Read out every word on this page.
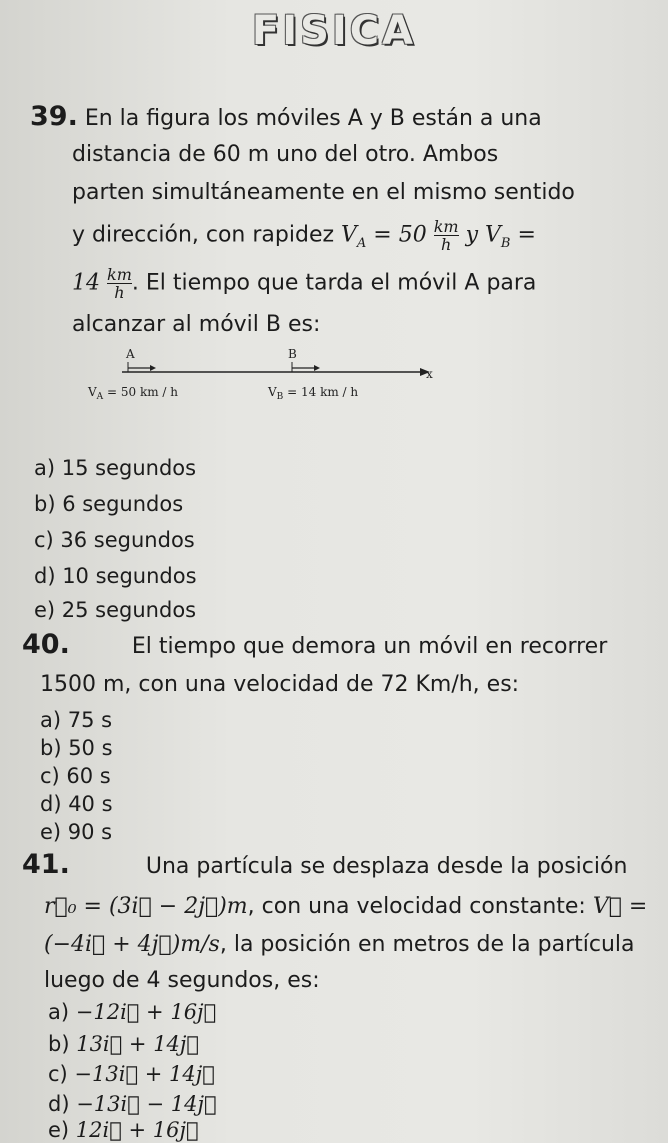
FISICA

39. En la figura los móviles A y B están a una

distancia de 60 m uno del otro. Ambos

parten simultáneamente en el mismo sentido

y dirección, con rapidez $V_A = 50 \frac{km}{h}$ y $V_B$ =

$14 \frac{km}{h}$ . El tiempo que tarda el móvil A para

alcanzar al móvil B es:

A	B
x
$V_A = 50$ km / h	$V_B = 14$ km / h
a) 15 segundos
b) 6 segundos
c) 36 segundos
d) 10 segundos
e) 25 segundos

40.	El tiempo que demora un móvil en recorrer

1500 m, con una velocidad de 72 Km/h, es:

a) 75 s
b) 50 s
c) 60 s
d) 40 s
e) 90 s

41.	Una partícula se desplaza desde la posición

r⃗₀ = (3i⃗ − 2j⃗)m, con una velocidad constante: V⃗ =

(−4i⃗ + 4j⃗)m/s, la posición en metros de la partícula

luego de 4 segundos, es:

a) −12i⃗ + 16j⃗
b) 13i⃗ + 14j⃗
c) −13i⃗ + 14j⃗
d) −13i⃗ − 14j⃗
e) 12i⃗ + 16j⃗
